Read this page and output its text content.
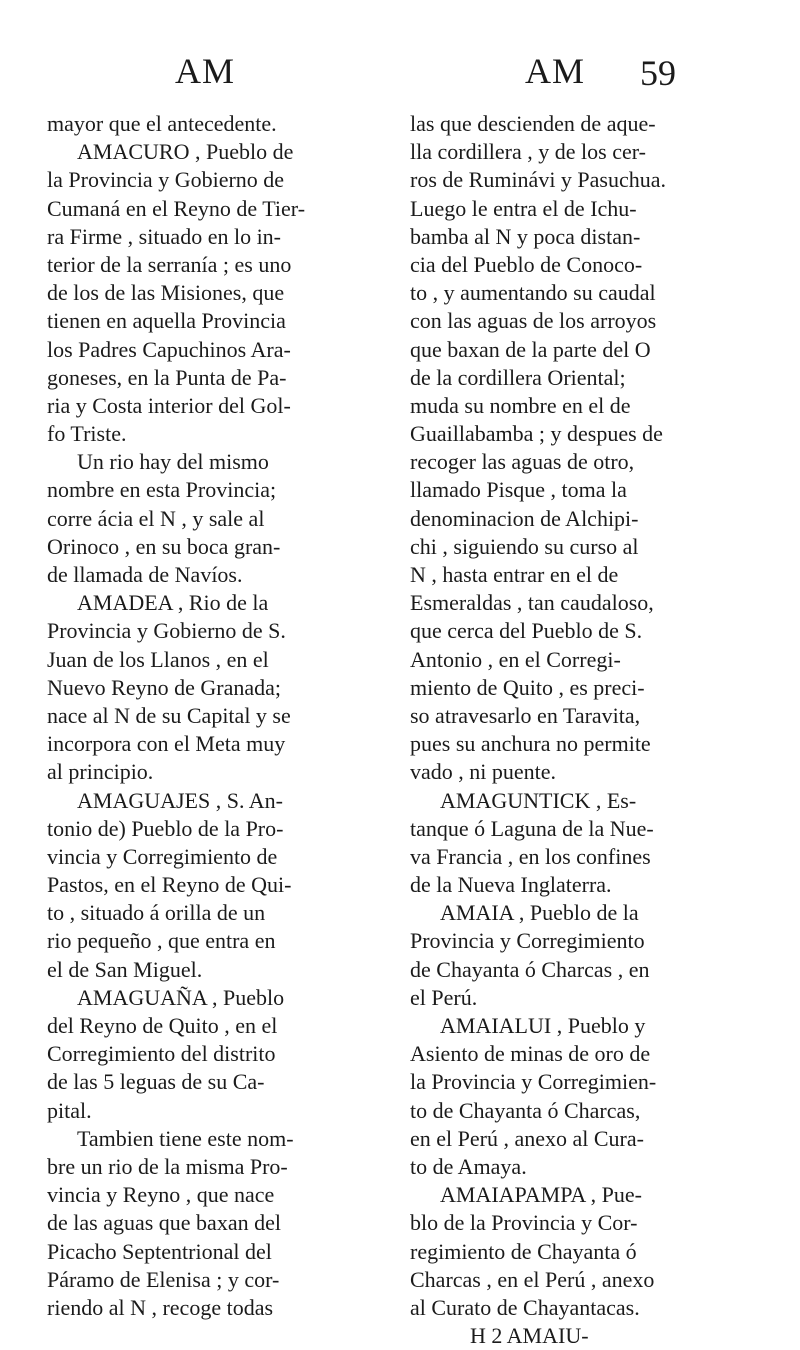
AM	AM 59
mayor que el antecedente.
AMACURO , Pueblo de
la Provincia y Gobierno de
Cumaná en el Reyno de Tier-
ra Firme , situado en lo in-
terior de la serranía ; es uno
de los de las Misiones, que
tienen en aquella Provincia
los Padres Capuchinos Ara-
goneses, en la Punta de Pa-
ria y Costa interior del Gol-
fo Triste.
Un rio hay del mismo
nombre en esta Provincia;
corre ácia el N , y sale al
Orinoco , en su boca gran-
de llamada de Navíos.
AMADEA , Rio de la
Provincia y Gobierno de S.
Juan de los Llanos , en el
Nuevo Reyno de Granada;
nace al N de su Capital y se
incorpora con el Meta muy
al principio.
AMAGUAJES , S. An-
tonio de) Pueblo de la Pro-
vincia y Corregimiento de
Pastos, en el Reyno de Qui-
to , situado á orilla de un
rio pequeño , que entra en
el de San Miguel.
AMAGUAÑA , Pueblo
del Reyno de Quito , en el
Corregimiento del distrito
de las 5 leguas de su Ca-
pital.
Tambien tiene este nom-
bre un rio de la misma Pro-
vincia y Reyno , que nace
de las aguas que baxan del
Picacho Septentrional del
Páramo de Elenisa ; y cor-
riendo al N , recoge todas
las que descienden de aque-
lla cordillera , y de los cer-
ros de Ruminávi y Pasuchua.
Luego le entra el de Ichu-
bamba al N y poca distan-
cia del Pueblo de Conoco-
to , y aumentando su caudal
con las aguas de los arroyos
que baxan de la parte del O
de la cordillera Oriental;
muda su nombre en el de
Guaillabamba ; y despues de
recoger las aguas de otro,
llamado Pisque , toma la
denominacion de Alchipi-
chi , siguiendo su curso al
N , hasta entrar en el de
Esmeraldas , tan caudaloso,
que cerca del Pueblo de S.
Antonio , en el Corregi-
miento de Quito , es preci-
so atravesarlo en Taravita,
pues su anchura no permite
vado , ni puente.
AMAGUNTICK , Es-
tanque ó Laguna de la Nue-
va Francia , en los confines
de la Nueva Inglaterra.
AMAIA , Pueblo de la
Provincia y Corregimiento
de Chayanta ó Charcas , en
el Perú.
AMAIALUI , Pueblo y
Asiento de minas de oro de
la Provincia y Corregimien-
to de Chayanta ó Charcas,
en el Perú , anexo al Cura-
to de Amaya.
AMAIAPAMPA , Pue-
blo de la Provincia y Cor-
regimiento de Chayanta ó
Charcas , en el Perú , anexo
al Curato de Chayantacas.
H 2 AMAIU-
